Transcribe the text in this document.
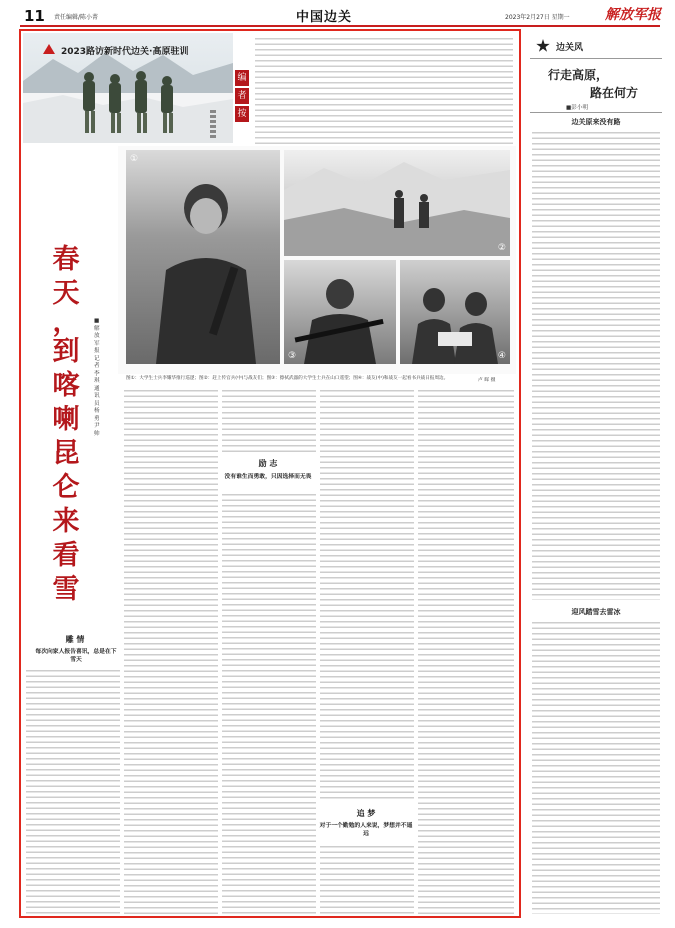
11 责任编辑/陈小菁	中国边关	2023年2月27日 星期一	解放军报
2023路访新时代边关·高原驻训
编
者
按
①
②
③	④
图①：大学生士兵李耀华推行巡逻；图②：赶上传官兵(中)与战友们；图③：擦拭武器的大学生士兵在山口遥望；图④：战友(中)和战友一起看书兵战日报周边。	卢 晖 摄
春
天
，
到
喀
喇
昆
仑
来
看
雪
■ 解放军报记者 李 琪 通讯员 杨 勇 尹 帅
雕 情
每次向家人报告喜讯，总是在下雪天
励 志
没有谁生而勇敢，只因选择而无畏
追 梦
对于一个勤勉的人来说，梦想并不遥远
边关风
行走高原，
路在何方
■彭小明
边关原来没有路
迎风踏雪去雷冰
